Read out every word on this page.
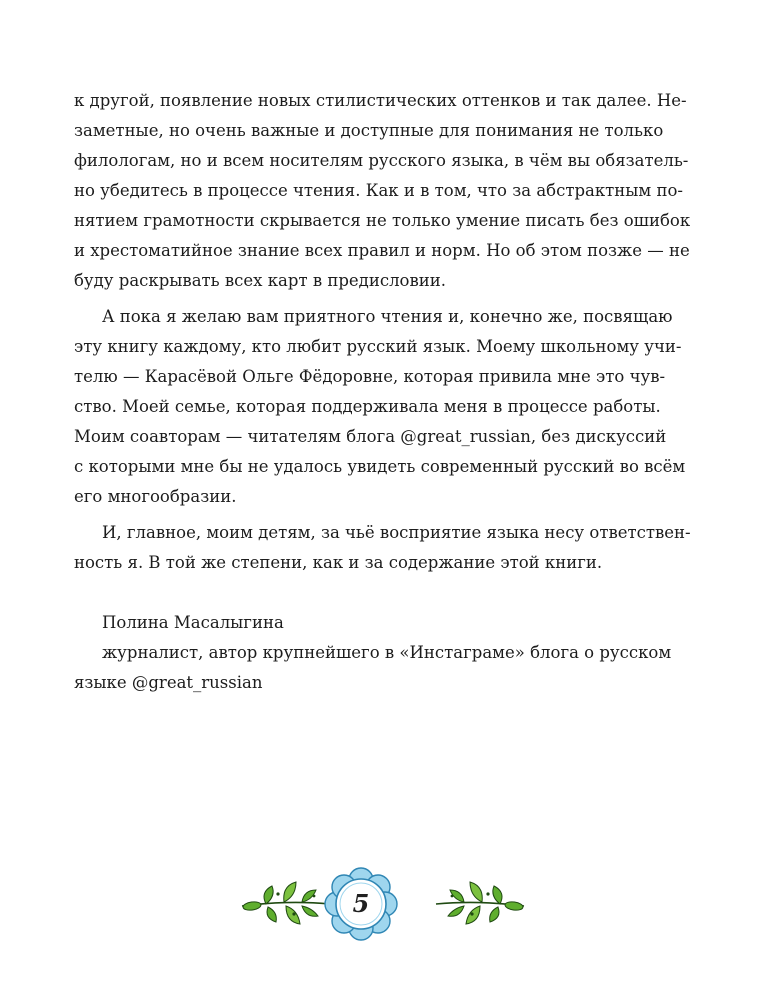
к другой, появление новых стилистических оттенков и так далее. Не-
заметные, но очень важные и доступные для понимания не только
филологам, но и всем носителям русского языка, в чём вы обязатель-
но убедитесь в процессе чтения. Как и в том, что за абстрактным по-
нятием грамотности скрывается не только умение писать без ошибок
и хрестоматийное знание всех правил и норм. Но об этом позже — не
буду раскрывать всех карт в предисловии.
А пока я желаю вам приятного чтения и, конечно же, посвящаю
эту книгу каждому, кто любит русский язык. Моему школьному учи-
телю — Карасёвой Ольге Фёдоровне, которая привила мне это чув-
ство. Моей семье, которая поддерживала меня в процессе работы.
Моим соавторам — читателям блога @great_russian, без дискуссий
с которыми мне бы не удалось увидеть современный русский во всём
его многообразии.
И, главное, моим детям, за чьё восприятие языка несу ответствен-
ность я. В той же степени, как и за содержание этой книги.
Полина Масалыгина
журналист, автор крупнейшего в «Инстаграме» блога о русском
языке @great_russian
5
